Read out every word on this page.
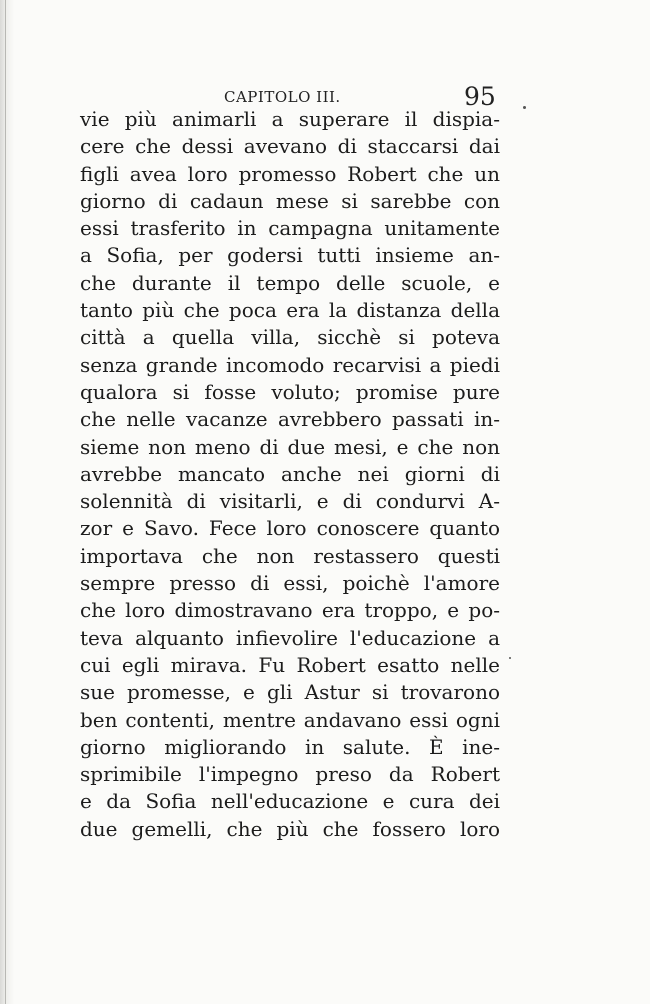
CAPITOLO III.	95
vie più animarli a superare il dispia-
cere che dessi avevano di staccarsi dai
figli avea loro promesso Robert che un
giorno di cadaun mese si sarebbe con
essi trasferito in campagna unitamente
a Sofia, per godersi tutti insieme an-
che durante il tempo delle scuole, e
tanto più che poca era la distanza della
città a quella villa, sicchè si poteva
senza grande incomodo recarvisi a piedi
qualora si fosse voluto; promise pure
che nelle vacanze avrebbero passati in-
sieme non meno di due mesi, e che non
avrebbe mancato anche nei giorni di
solennità di visitarli, e di condurvi A-
zor e Savo. Fece loro conoscere quanto
importava che non restassero questi
sempre presso di essi, poichè l'amore
che loro dimostravano era troppo, e po-
teva alquanto infievolire l'educazione a
cui egli mirava. Fu Robert esatto nelle
sue promesse, e gli Astur si trovarono
ben contenti, mentre andavano essi ogni
giorno migliorando in salute. È ine-
sprimibile l'impegno preso da Robert
e da Sofia nell'educazione e cura dei
due gemelli, che più che fossero loro
